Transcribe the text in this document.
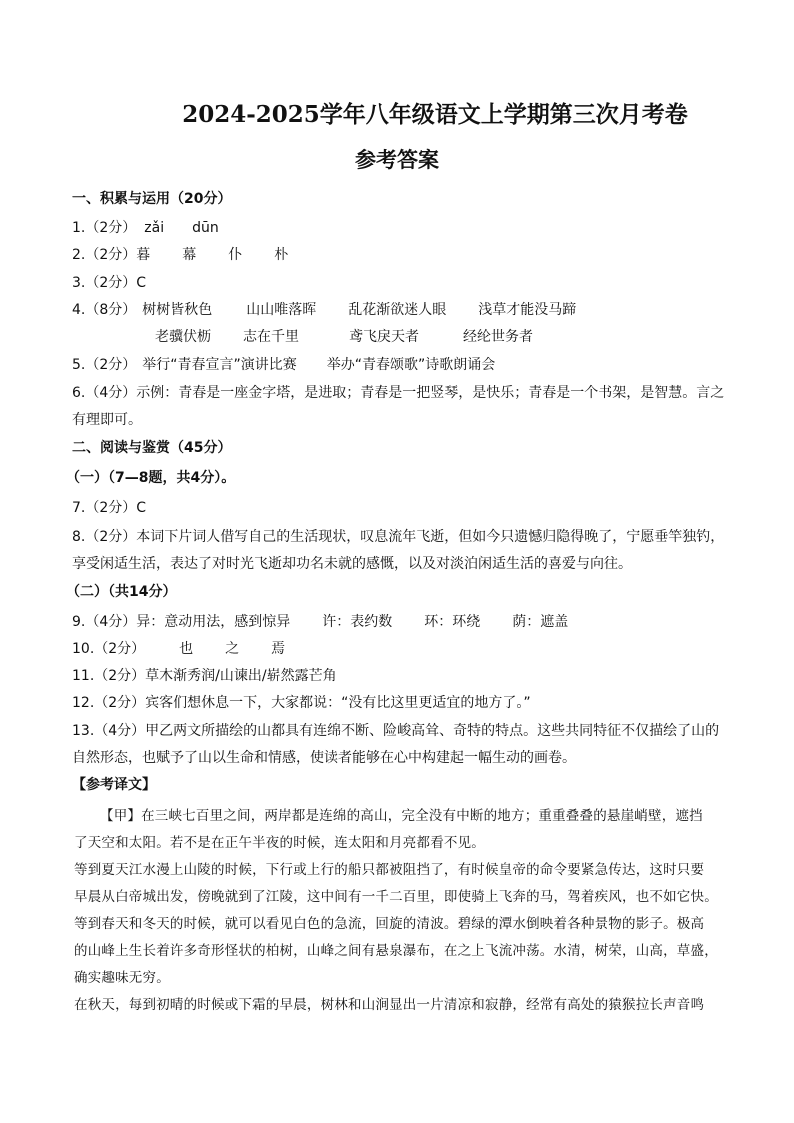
2024-2025学年八年级语文上学期第三次月考卷
参考答案
一、积累与运用（20分）
1.（2分） zǎi dūn
2.（2分）暮 幕 仆 朴
3.（2分）C
4.（8分） 树树皆秋色 山山唯落晖 乱花渐欲迷人眼 浅草才能没马蹄
老骥伏枥 志在千里	鸢飞戾天者	经纶世务者
5.（2分） 举行“青春宣言”演讲比赛 举办“青春颂歌”诗歌朗诵会
6.（4分）示例：青春是一座金字塔，是进取；青春是一把竖琴，是快乐；青春是一个书架，是智慧。言之
有理即可。
二、阅读与鉴赏（45分）
（一）（7—8题，共4分）。
7.（2分）C
8.（2分）本词下片词人借写自己的生活现状，叹息流年飞逝，但如今只遗憾归隐得晚了，宁愿垂竿独钓，
享受闲适生活，表达了对时光飞逝却功名未就的感慨，以及对淡泊闲适生活的喜爱与向往。
（二）（共14分）
9.（4分）异：意动用法，感到惊异 许：表约数 环：环绕 荫：遮盖
10.（2分） 也 之 焉
11.（2分）草木渐秀润/山谏出/崭然露芒角
12.（2分）宾客们想休息一下，大家都说：“没有比这里更适宜的地方了。”
13.（4分）甲乙两文所描绘的山都具有连绵不断、险峻高耸、奇特的特点。这些共同特征不仅描绘了山的
自然形态，也赋予了山以生命和情感，使读者能够在心中构建起一幅生动的画卷。
【参考译文】
【甲】在三峡七百里之间，两岸都是连绵的高山，完全没有中断的地方；重重叠叠的悬崖峭壁，遮挡
了天空和太阳。若不是在正午半夜的时候，连太阳和月亮都看不见。
等到夏天江水漫上山陵的时候，下行或上行的船只都被阻挡了，有时候皇帝的命令要紧急传达，这时只要
早晨从白帝城出发，傍晚就到了江陵，这中间有一千二百里，即使骑上飞奔的马，驾着疾风，也不如它快。
等到春天和冬天的时候，就可以看见白色的急流，回旋的清波。碧绿的潭水倒映着各种景物的影子。极高
的山峰上生长着许多奇形怪状的柏树，山峰之间有悬泉瀑布，在之上飞流冲荡。水清，树荣，山高，草盛，
确实趣味无穷。
在秋天，每到初晴的时候或下霜的早晨，树林和山涧显出一片清凉和寂静，经常有高处的猿猴拉长声音鸣
